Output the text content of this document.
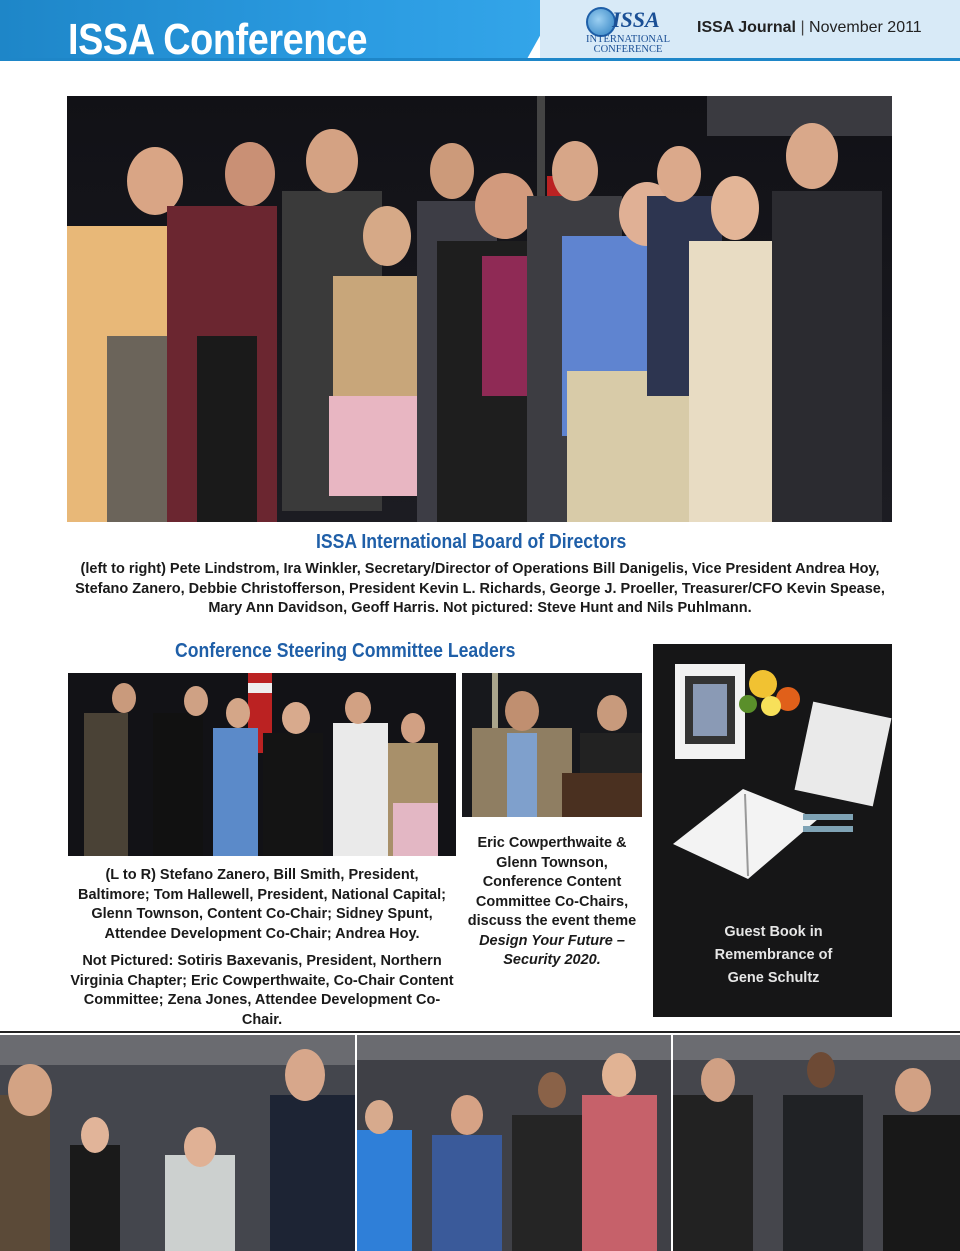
ISSA Conference	ISSA
INTERNATIONAL
CONFERENCE
ISSA Journal | November 2011
ISSA International Board of Directors
(left to right) Pete Lindstrom, Ira Winkler, Secretary/Director of Operations Bill Danigelis, Vice President Andrea Hoy, Stefano Zanero, Debbie Christofferson, President Kevin L. Richards, George J. Proeller, Treasurer/CFO Kevin Spease, Mary Ann Davidson, Geoff Harris. Not pictured: Steve Hunt and Nils Puhlmann.
Conference Steering Committee Leaders
(L to R) Stefano Zanero, Bill Smith, President, Baltimore; Tom Hallewell, President, National Capital; Glenn Townson, Content Co-Chair; Sidney Spunt, Attendee Development Co-Chair; Andrea Hoy.
Not Pictured: Sotiris Baxevanis, President, Northern Virginia Chapter; Eric Cowperthwaite, Co-Chair Content Committee; Zena Jones, Attendee Development Co-Chair.
Eric Cowperthwaite & Glenn Townson, Conference Content Committee Co-Chairs, discuss the event theme Design Your Future – Security 2020.
Guest Book in
Remembrance of
Gene Schultz
